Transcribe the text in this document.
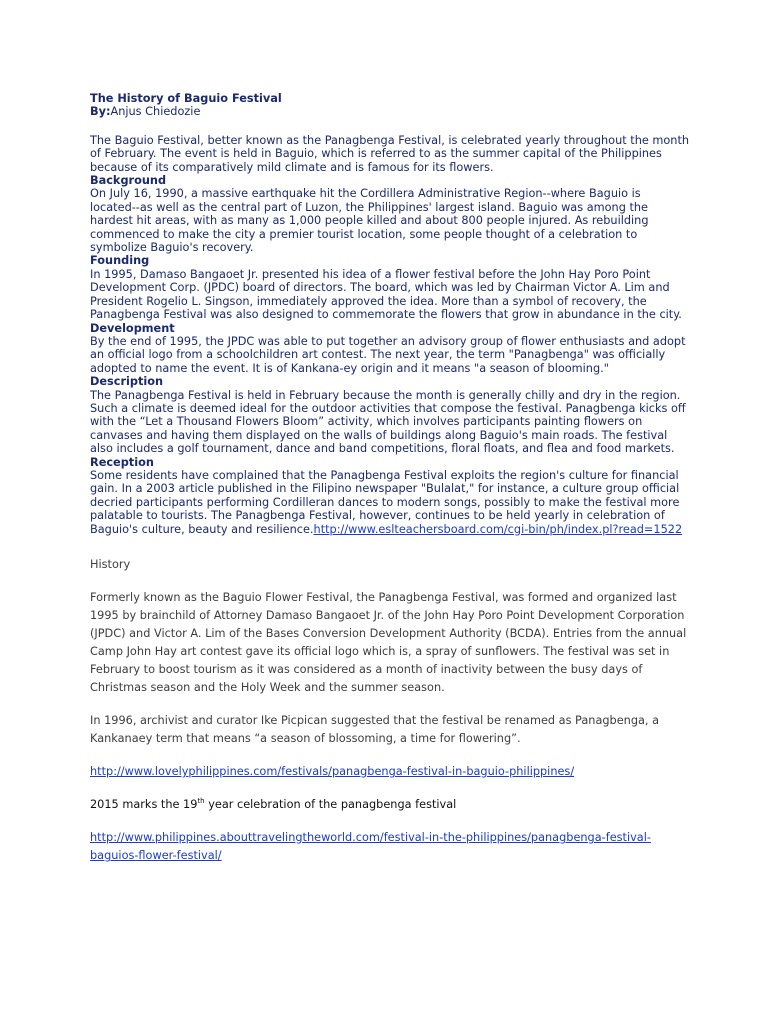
The History of Baguio Festival

By:Anjus Chiedozie

The Baguio Festival, better known as the Panagbenga Festival, is celebrated yearly throughout the month of February. The event is held in Baguio, which is referred to as the summer capital of the Philippines because of its comparatively mild climate and is famous for its flowers.

Background

On July 16, 1990, a massive earthquake hit the Cordillera Administrative Region--where Baguio is located--as well as the central part of Luzon, the Philippines' largest island. Baguio was among the hardest hit areas, with as many as 1,000 people killed and about 800 people injured. As rebuilding commenced to make the city a premier tourist location, some people thought of a celebration to symbolize Baguio's recovery.

Founding

In 1995, Damaso Bangaoet Jr. presented his idea of a flower festival before the John Hay Poro Point Development Corp. (JPDC) board of directors. The board, which was led by Chairman Victor A. Lim and President Rogelio L. Singson, immediately approved the idea. More than a symbol of recovery, the Panagbenga Festival was also designed to commemorate the flowers that grow in abundance in the city.

Development

By the end of 1995, the JPDC was able to put together an advisory group of flower enthusiasts and adopt an official logo from a schoolchildren art contest. The next year, the term "Panagbenga" was officially adopted to name the event. It is of Kankana-ey origin and it means "a season of blooming."

Description

The Panagbenga Festival is held in February because the month is generally chilly and dry in the region. Such a climate is deemed ideal for the outdoor activities that compose the festival. Panagbenga kicks off with the “Let a Thousand Flowers Bloom” activity, which involves participants painting flowers on canvases and having them displayed on the walls of buildings along Baguio's main roads. The festival also includes a golf tournament, dance and band competitions, floral floats, and flea and food markets.

Reception

Some residents have complained that the Panagbenga Festival exploits the region's culture for financial gain. In a 2003 article published in the Filipino newspaper "Bulalat," for instance, a culture group official decried participants performing Cordilleran dances to modern songs, possibly to make the festival more palatable to tourists. The Panagbenga Festival, however, continues to be held yearly in celebration of Baguio's culture, beauty and resilience.http://www.eslteachersboard.com/cgi-bin/ph/index.pl?read=1522

History

Formerly known as the Baguio Flower Festival, the Panagbenga Festival, was formed and organized last 1995 by brainchild of Attorney Damaso Bangaoet Jr. of the John Hay Poro Point Development Corporation (JPDC) and Victor A. Lim of the Bases Conversion Development Authority (BCDA). Entries from the annual Camp John Hay art contest gave its official logo which is, a spray of sunflowers. The festival was set in February to boost tourism as it was considered as a month of inactivity between the busy days of Christmas season and the Holy Week and the summer season.

In 1996, archivist and curator Ike Picpican suggested that the festival be renamed as Panagbenga, a Kankanaey term that means “a season of blossoming, a time for flowering”.

http://www.lovelyphilippines.com/festivals/panagbenga-festival-in-baguio-philippines/

2015 marks the 19th year celebration of the panagbenga festival

http://www.philippines.abouttravelingtheworld.com/festival-in-the-philippines/panagbenga-festival-baguios-flower-festival/
